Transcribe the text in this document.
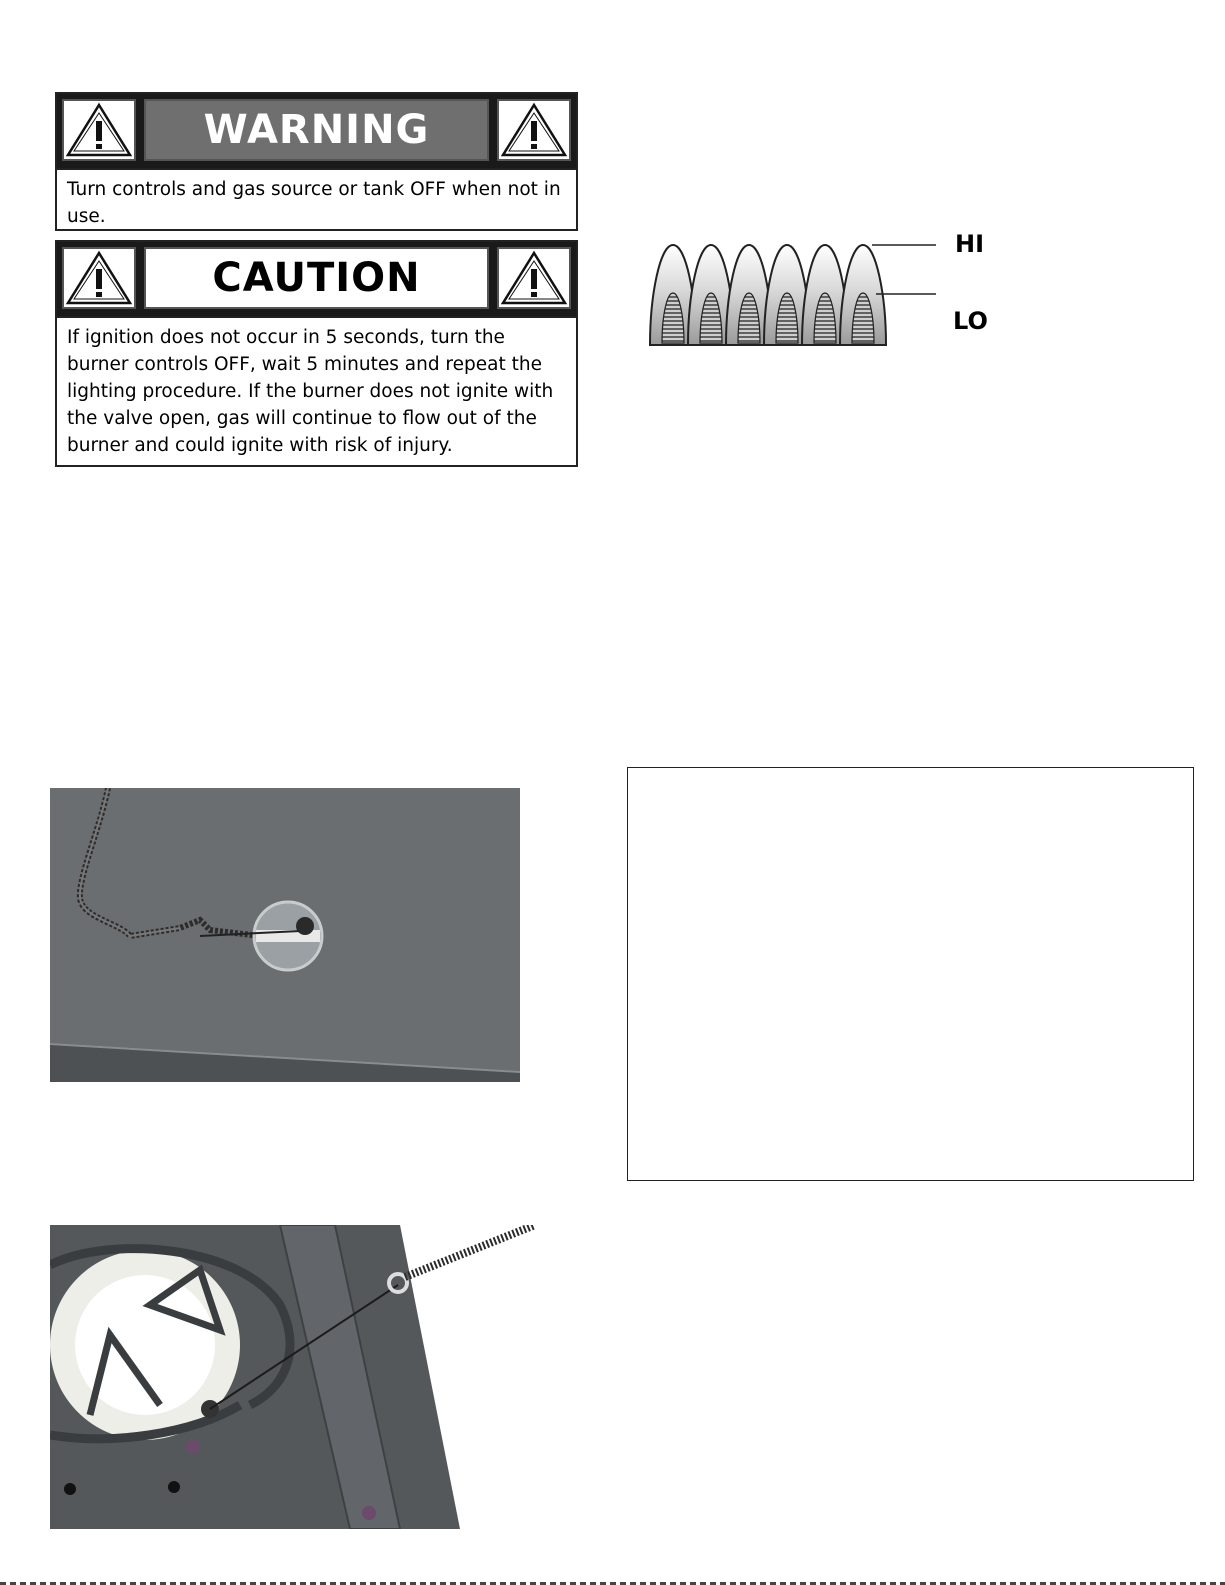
WARNING
Turn controls and gas source or tank OFF when not in use.
CAUTION
If ignition does not occur in 5 seconds, turn the burner controls OFF, wait 5 minutes and repeat the lighting procedure. If the burner does not ignite with the valve open, gas will continue to flow out of the burner and could ignite with risk of injury.
HI
LO
